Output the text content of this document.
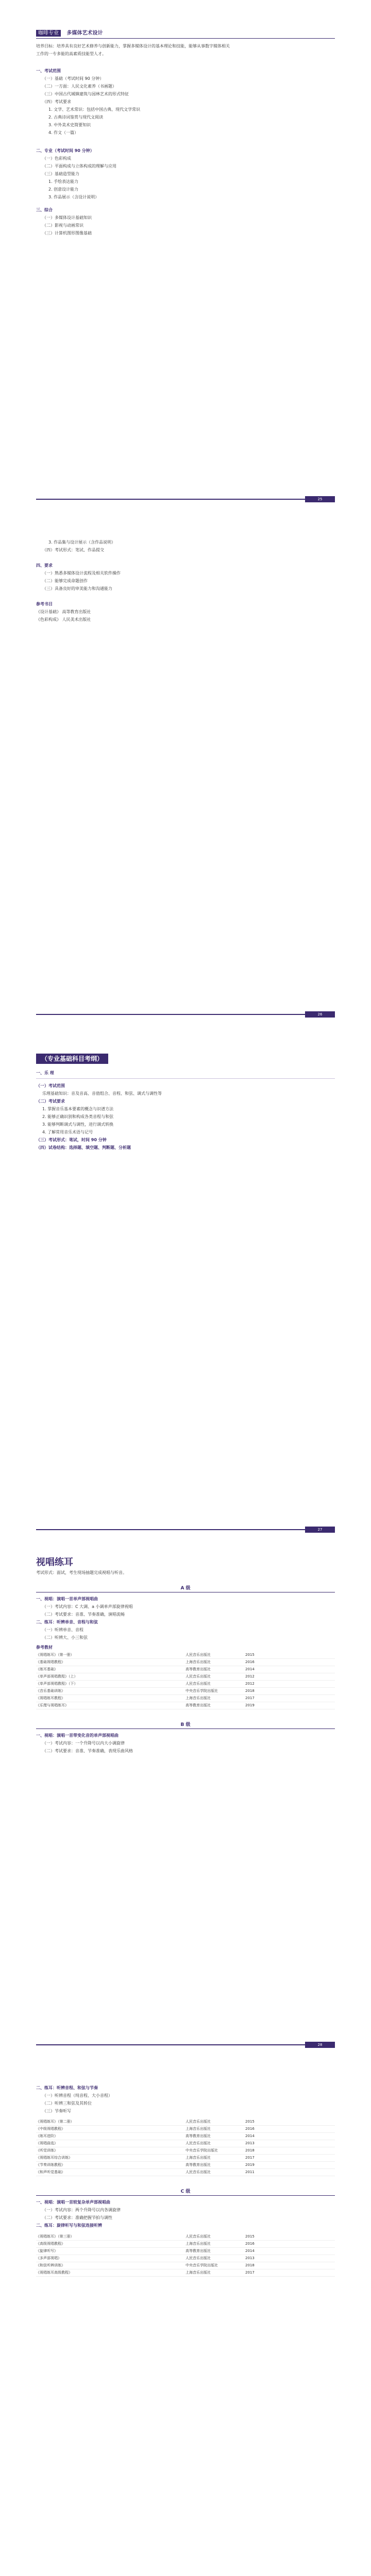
咖啡专业 多媒体艺术设计
培养目标：培养具有良好艺术修养与创新能力，掌握多媒体设计的基本理论和技能，能够从事数字媒体相关
工作的一专多能的高素质技能型人才。
一、考试范围
（一）基础（考试时间 90 分钟）
（二）一方面：人民文化素养（书画题）
（三）中国古代城镇建筑与园林艺术的形式特征
（四）考试要求
1. 文学、艺术常识：包括中国古典、现代文学常识
2. 古典诗词鉴赏与现代文阅读
3. 中外美术史简要知识
4. 作文（一篇）
二、专业（考试时间 90 分钟）
（一）色彩构成
（二）平面构成与立体构成的理解与应用
（三）基础造型能力
1. 手绘表达能力
2. 创意设计能力
3. 作品展示（含设计说明）
三、综合
（一）多媒体设计基础知识
（二）影视与动画常识
（三）计算机图形图像基础
25
3. 作品集与设计展示（含作品说明）
（四）考试形式：笔试、作品提交
四、要求
（一）熟悉多媒体设计流程及相关软件操作
（二）能够完成命题创作
（三）具备良好的审美能力和沟通能力
参考书目
《设计基础》 高等教育出版社
《色彩构成》 人民美术出版社
26
（专业基础科目考纲）
一、乐 理
（一）考试范围
乐理基础知识：音及音高、音值组合、音程、和弦、调式与调性等
（二）考试要求
1. 掌握音乐基本要素的概念与识谱方法
2. 能够正确识别和构成各类音程与和弦
3. 能够判断调式与调性，进行调式转换
4. 了解常用音乐术语与记号
（三）考试形式：笔试，时间 90 分钟
（四）试卷结构：选择题、填空题、判断题、分析题
27
视唱练耳
考试形式：面试，考生现场抽题完成视唱与听音。
A 级
一、视唱：演唱一首单声部视唱曲
（一）考试内容：C 大调、a 小调单声部旋律视唱
（二）考试要求：音准、节奏准确，演唱流畅
二、练耳：听辨单音、音程与和弦
（一）听辨单音、音程
（二）听辨大、小三和弦
参考教材
《视唱练耳》（第一册）	人民音乐出版社	2015
《基础视唱教程》	上海音乐出版社	2016
《练耳基础》	高等教育出版社	2014
《单声部视唱教程》（上）	人民音乐出版社	2012
《单声部视唱教程》（下）	人民音乐出版社	2012
《音乐基础训练》	中央音乐学院出版社	2018
《视唱练耳教程》	上海音乐出版社	2017
《乐理与视唱练耳》	高等教育出版社	2019
B 级
一、视唱：演唱一首带变化音的单声部视唱曲
（一）考试内容：一个升降号以内大小调旋律
（二）考试要求：音准、节奏准确，表现乐曲风格
28
二、练耳：听辨音程、和弦与节奏
（一）听辨音程（纯音程、大小音程）
（二）听辨三和弦及其转位
（三）节奏听写
《视唱练耳》（第二册）	人民音乐出版社	2015
《中级视唱教程》	上海音乐出版社	2016
《练耳进阶》	高等教育出版社	2014
《视唱曲选》	人民音乐出版社	2013
《听觉训练》	中央音乐学院出版社	2018
《视唱练耳综合训练》	上海音乐出版社	2017
《节奏训练教程》	高等教育出版社	2019
《和声听觉基础》	人民音乐出版社	2011
C 级
一、视唱：演唱一首较复杂单声部视唱曲
（一）考试内容：两个升降号以内各调旋律
（二）考试要求：准确把握节拍与调性
二、练耳：旋律听写与和弦连接听辨
《视唱练耳》（第三册）	人民音乐出版社	2015
《高级视唱教程》	上海音乐出版社	2016
《旋律听写》	高等教育出版社	2014
《多声部视唱》	人民音乐出版社	2013
《和弦听辨训练》	中央音乐学院出版社	2018
《视唱练耳高级教程》	上海音乐出版社	2017
